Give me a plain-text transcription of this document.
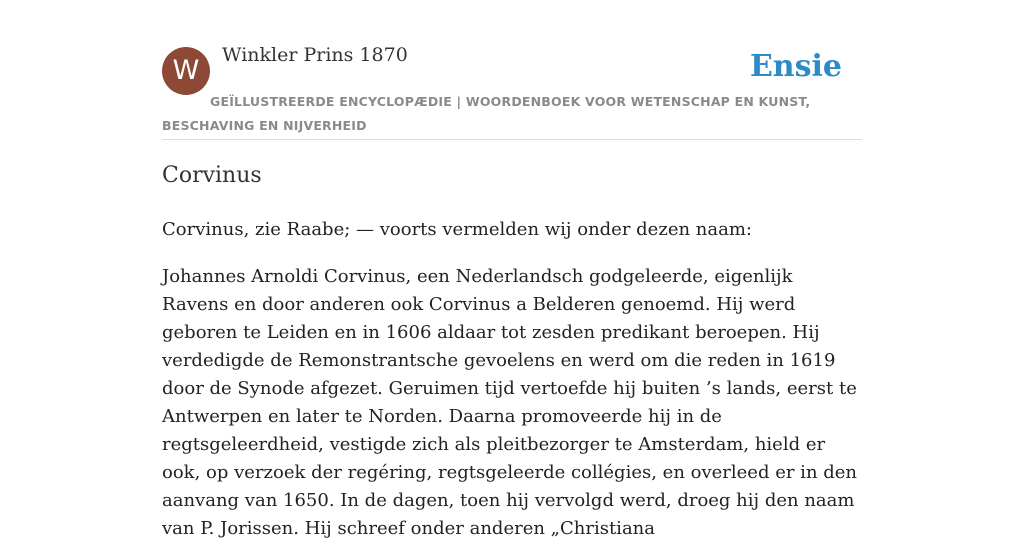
W	Winkler Prins 1870	Ensie
GEÏLLUSTREERDE ENCYCLOPÆDIE | WOORDENBOEK VOOR WETENSCHAP EN KUNST, BESCHAVING EN NIJVERHEID
Corvinus

Corvinus, zie Raabe; — voorts vermelden wij onder dezen naam:

Johannes Arnoldi Corvinus, een Nederlandsch godgeleerde, eigenlijk Ravens en door anderen ook Corvinus a Belderen genoemd. Hij werd geboren te Leiden en in 1606 aldaar tot zesden predikant beroepen. Hij verdedigde de Remonstrantsche gevoelens en werd om die reden in 1619 door de Synode afgezet. Geruimen tijd vertoefde hij buiten ’s lands, eerst te Antwerpen en later te Norden. Daarna promoveerde hij in de regtsgeleerdheid, vestigde zich als pleitbezorger te Amsterdam, hield er ook, op verzoek der regéring, regtsgeleerde collégies, en overleed er in den aanvang van 1650. In de dagen, toen hij vervolgd werd, droeg hij den naam van P. Jorissen. Hij schreef onder anderen „Christiana
